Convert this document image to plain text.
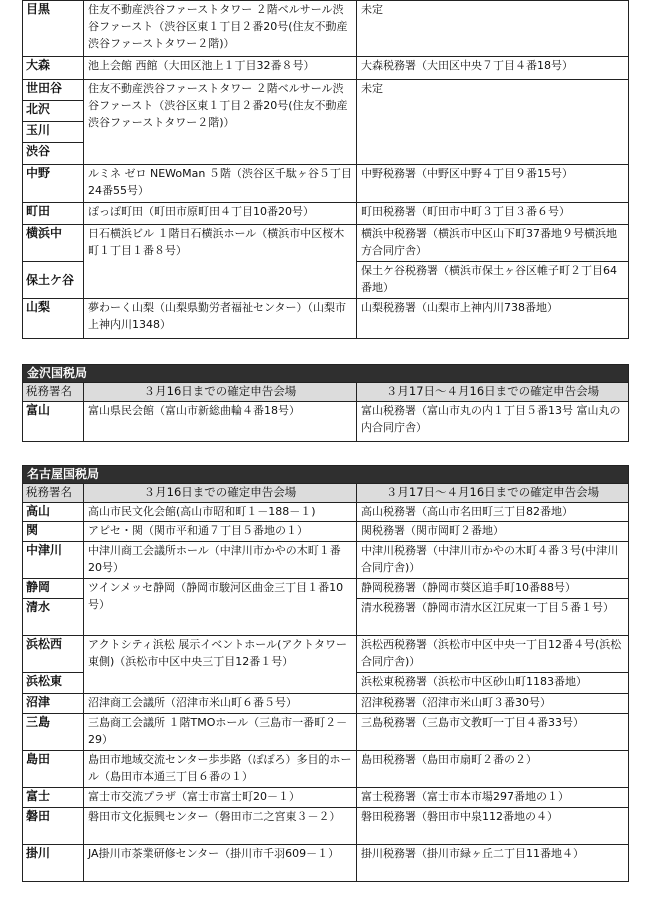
目黒	住友不動産渋谷ファーストタワー ２階ベルサール渋谷ファースト（渋谷区東１丁目２番20号(住友不動産渋谷ファーストタワー２階)）	未定
大森	池上会館 西館（大田区池上１丁目32番８号）	大森税務署（大田区中央７丁目４番18号）
世田谷	住友不動産渋谷ファーストタワー ２階ベルサール渋谷ファースト（渋谷区東１丁目２番20号(住友不動産渋谷ファーストタワー２階)）	未定
北沢		
玉川		
渋谷		
中野	ルミネ ゼロ NEWoMan ５階（渋谷区千駄ヶ谷５丁目24番55号）	中野税務署（中野区中野４丁目９番15号）
町田	ぽっぽ町田（町田市原町田４丁目10番20号）	町田税務署（町田市中町３丁目３番６号）
横浜中	日石横浜ビル １階日石横浜ホール（横浜市中区桜木町１丁目１番８号）	横浜中税務署（横浜市中区山下町37番地９号横浜地方合同庁舎）
保土ケ谷		保土ケ谷税務署（横浜市保土ヶ谷区帷子町２丁目64番地）
山梨	夢わーく山梨（山梨県勤労者福祉センター）（山梨市上神内川1348）	山梨税務署（山梨市上神内川738番地）
金沢国税局		
税務署名	３月16日までの確定申告会場	３月17日～４月16日までの確定申告会場
富山	富山県民会館（富山市新総曲輪４番18号）	富山税務署（富山市丸の内１丁目５番13号 富山丸の内合同庁舎）
名古屋国税局		
税務署名	３月16日までの確定申告会場	３月17日～４月16日までの確定申告会場
高山	高山市民文化会館(高山市昭和町１－188－１)	高山税務署（高山市名田町三丁目82番地）
関	アピセ・関（関市平和通７丁目５番地の１）	関税務署（関市岡町２番地）
中津川	中津川商工会議所ホール（中津川市かやの木町１番20号）	中津川税務署（中津川市かやの木町４番３号(中津川合同庁舎)）
静岡	ツインメッセ静岡（静岡市駿河区曲金三丁目１番10号）	静岡税務署（静岡市葵区追手町10番88号）
清水		清水税務署（静岡市清水区江尻東一丁目５番１号）
浜松西	アクトシティ浜松 展示イベントホール(アクトタワー東側)（浜松市中区中央三丁目12番１号）	浜松西税務署（浜松市中区中央一丁目12番４号(浜松合同庁舎)）
浜松東		浜松東税務署（浜松市中区砂山町1183番地）
沼津	沼津商工会議所（沼津市米山町６番５号）	沼津税務署（沼津市米山町３番30号）
三島	三島商工会議所 １階TMOホール（三島市一番町２－29）	三島税務署（三島市文教町一丁目４番33号）
島田	島田市地域交流センター歩歩路（ぽぽろ）多目的ホール（島田市本通三丁目６番の１）	島田税務署（島田市扇町２番の２）
富士	富士市交流プラザ（富士市富士町20－１）	富士税務署（富士市本市場297番地の１）
磐田	磐田市文化振興センター（磐田市二之宮東３－２）	磐田税務署（磐田市中泉112番地の４）
掛川	JA掛川市茶業研修センター（掛川市千羽609－１）	掛川税務署（掛川市緑ヶ丘二丁目11番地４）
